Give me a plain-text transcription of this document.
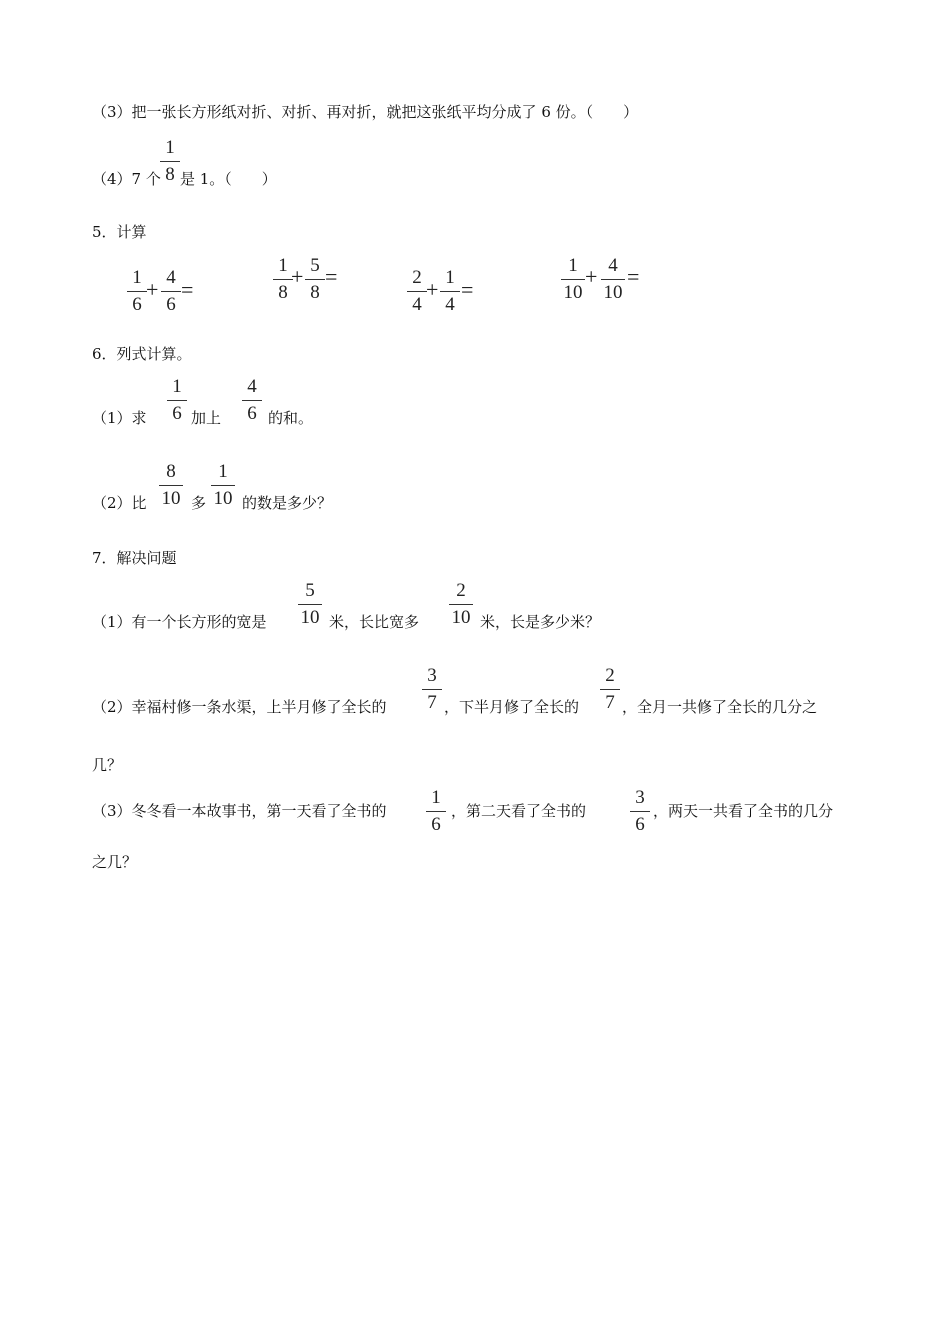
（3）把一张长方形纸对折、对折、再对折，就把这张纸平均分成了 6 份。（　　）
（4）7 个
1
8 是 1。（　　）
5．计算
1
6
+ 4
6
=
1
8
+ 5
8
=	2
4
+ 1
4
=
1
10
+ 4
10
=
6．列式计算。
（1）求
1
6 加上
4
6 的和。
（2）比
8
10 多
1
10 的数是多少？
7．解决问题
（1）有一个长方形的宽是
5
10 米，长比宽多
2
10 米，长是多少米？
（2）幸福村修一条水渠，上半月修了全长的
3
7 ，下半月修了全长的
2
7 ，全月一共修了全长的几分之
几？
（3）冬冬看一本故事书，第一天看了全书的
1
6
，第二天看了全书的
3
6
，两天一共看了全书的几分
之几？
